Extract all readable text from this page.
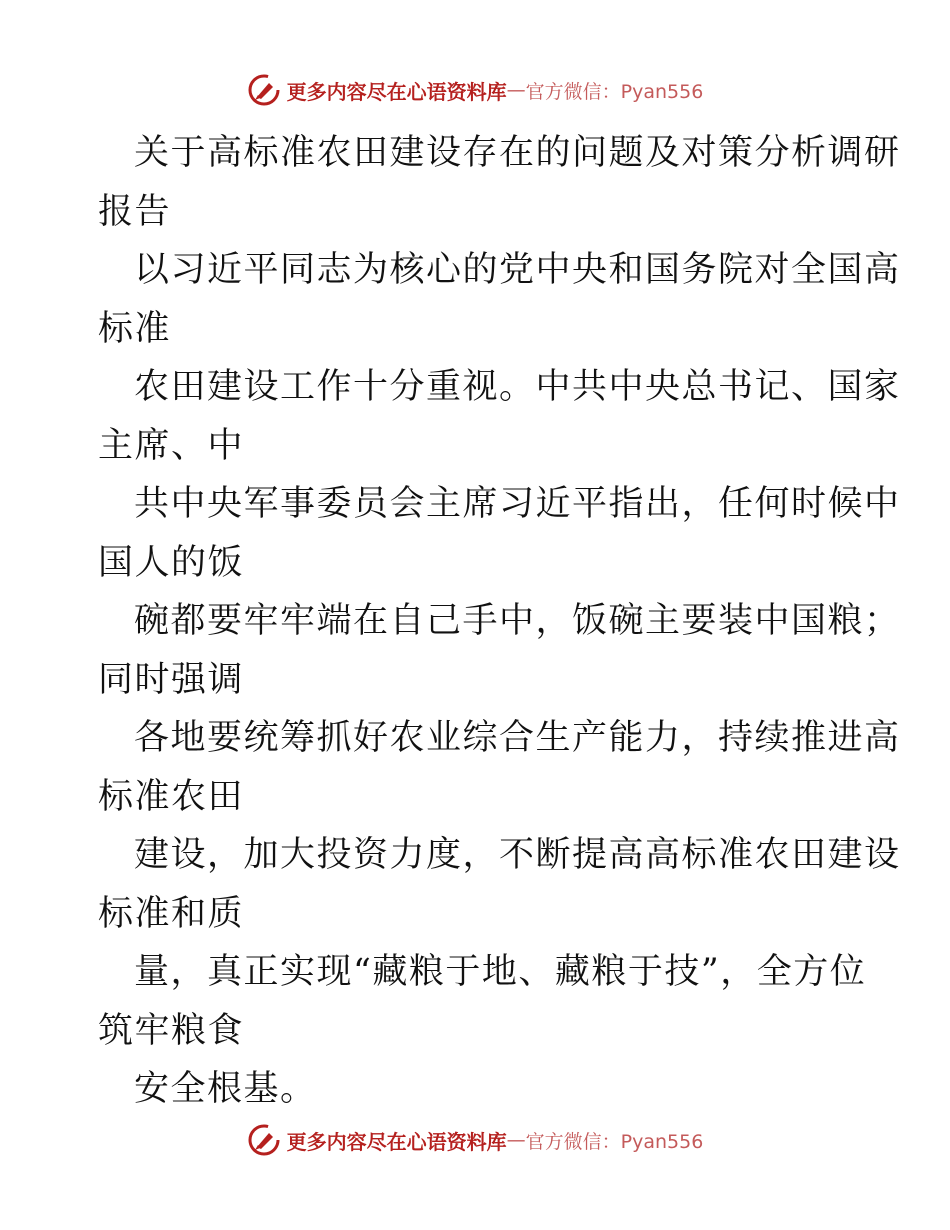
更多内容尽在心语资料库 — 官方微信：Pyan556
关于高标准农田建设存在的问题及对策分析调研
报告
以习近平同志为核心的党中央和国务院对全国高
标准
农田建设工作十分重视。中共中央总书记、国家
主席、中
共中央军事委员会主席习近平指出，任何时候中
国人的饭
碗都要牢牢端在自己手中，饭碗主要装中国粮；
同时强调
各地要统筹抓好农业综合生产能力，持续推进高
标准农田
建设，加大投资力度，不断提高高标准农田建设
标准和质
量，真正实现“藏粮于地、藏粮于技”，全方位
筑牢粮食
安全根基。
更多内容尽在心语资料库 — 官方微信：Pyan556
